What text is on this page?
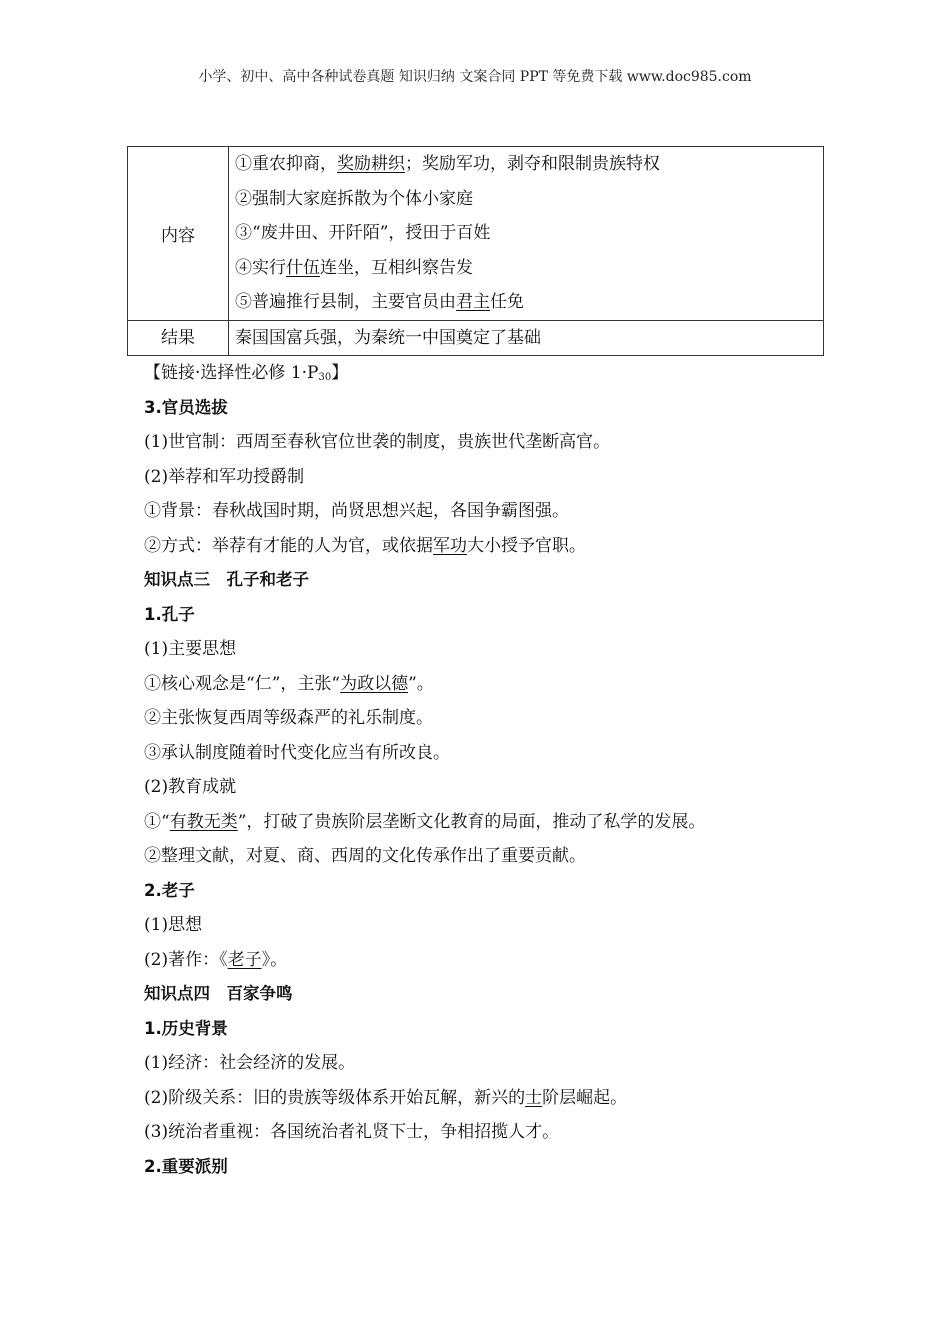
小学、初中、高中各种试卷真题 知识归纳 文案合同 PPT 等免费下载 www.doc985.com
内容	①重农抑商，奖励耕织；奖励军功，剥夺和限制贵族特权
②强制大家庭拆散为个体小家庭
③“废井田、开阡陌”，授田于百姓
④实行什伍连坐，互相纠察告发
⑤普遍推行县制，主要官员由君主任免

结果	秦国国富兵强，为秦统一中国奠定了基础
【链接·选择性必修 $1\cdot P_{30}$】
3.官员选拔
(1)世官制：西周至春秋官位世袭的制度，贵族世代垄断高官。
(2)举荐和军功授爵制
①背景：春秋战国时期，尚贤思想兴起，各国争霸图强。
②方式：举荐有才能的人为官，或依据军功大小授予官职。
知识点三　孔子和老子
1.孔子
(1)主要思想
①核心观念是“仁”，主张“为政以德”。
②主张恢复西周等级森严的礼乐制度。
③承认制度随着时代变化应当有所改良。
(2)教育成就
①“有教无类”，打破了贵族阶层垄断文化教育的局面，推动了私学的发展。
②整理文献，对夏、商、西周的文化传承作出了重要贡献。
2.老子
(1)思想
(2)著作：《老子》。
知识点四　百家争鸣
1.历史背景
(1)经济：社会经济的发展。
(2)阶级关系：旧的贵族等级体系开始瓦解，新兴的士阶层崛起。
(3)统治者重视：各国统治者礼贤下士，争相招揽人才。
2.重要派别
